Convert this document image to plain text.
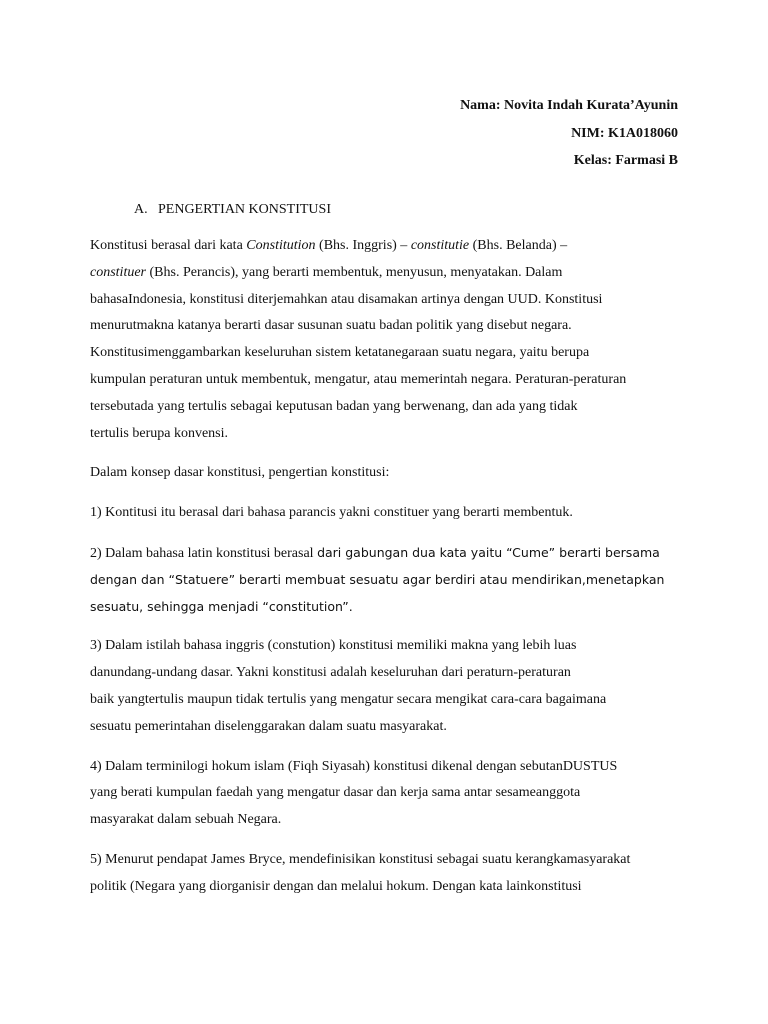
Nama: Novita Indah Kurata’Ayunin
NIM: K1A018060
Kelas: Farmasi B
A. PENGERTIAN KONSTITUSI
Konstitusi berasal dari kata Constitution (Bhs. Inggris) – constitutie (Bhs. Belanda) –
constituer (Bhs. Perancis), yang berarti membentuk, menyusun, menyatakan. Dalam
bahasaIndonesia, konstitusi diterjemahkan atau disamakan artinya dengan UUD. Konstitusi
menurutmakna katanya berarti dasar susunan suatu badan politik yang disebut negara.
Konstitusimenggambarkan keseluruhan sistem ketatanegaraan suatu negara, yaitu berupa
kumpulan peraturan untuk membentuk, mengatur, atau memerintah negara. Peraturan-peraturan
tersebutada yang tertulis sebagai keputusan badan yang berwenang, dan ada yang tidak
tertulis berupa konvensi.
Dalam konsep dasar konstitusi, pengertian konstitusi:
1) Kontitusi itu berasal dari bahasa parancis yakni constituer yang berarti membentuk.
2) Dalam bahasa latin konstitusi berasal dari gabungan dua kata yaitu “Cume” berarti bersama
dengan dan “Statuere” berarti membuat sesuatu agar berdiri atau mendirikan,menetapkan
sesuatu, sehingga menjadi “constitution”.
3) Dalam istilah bahasa inggris (constution) konstitusi memiliki makna yang lebih luas
danundang-undang dasar. Yakni konstitusi adalah keseluruhan dari peraturn-peraturan
baik yangtertulis maupun tidak tertulis yang mengatur secara mengikat cara-cara bagaimana
sesuatu pemerintahan diselenggarakan dalam suatu masyarakat.
4) Dalam terminilogi hokum islam (Fiqh Siyasah) konstitusi dikenal dengan sebutanDUSTUS
yang berati kumpulan faedah yang mengatur dasar dan kerja sama antar sesameanggota
masyarakat dalam sebuah Negara.
5) Menurut pendapat James Bryce, mendefinisikan konstitusi sebagai suatu kerangkamasyarakat
politik (Negara yang diorganisir dengan dan melalui hokum. Dengan kata lainkonstitusi
